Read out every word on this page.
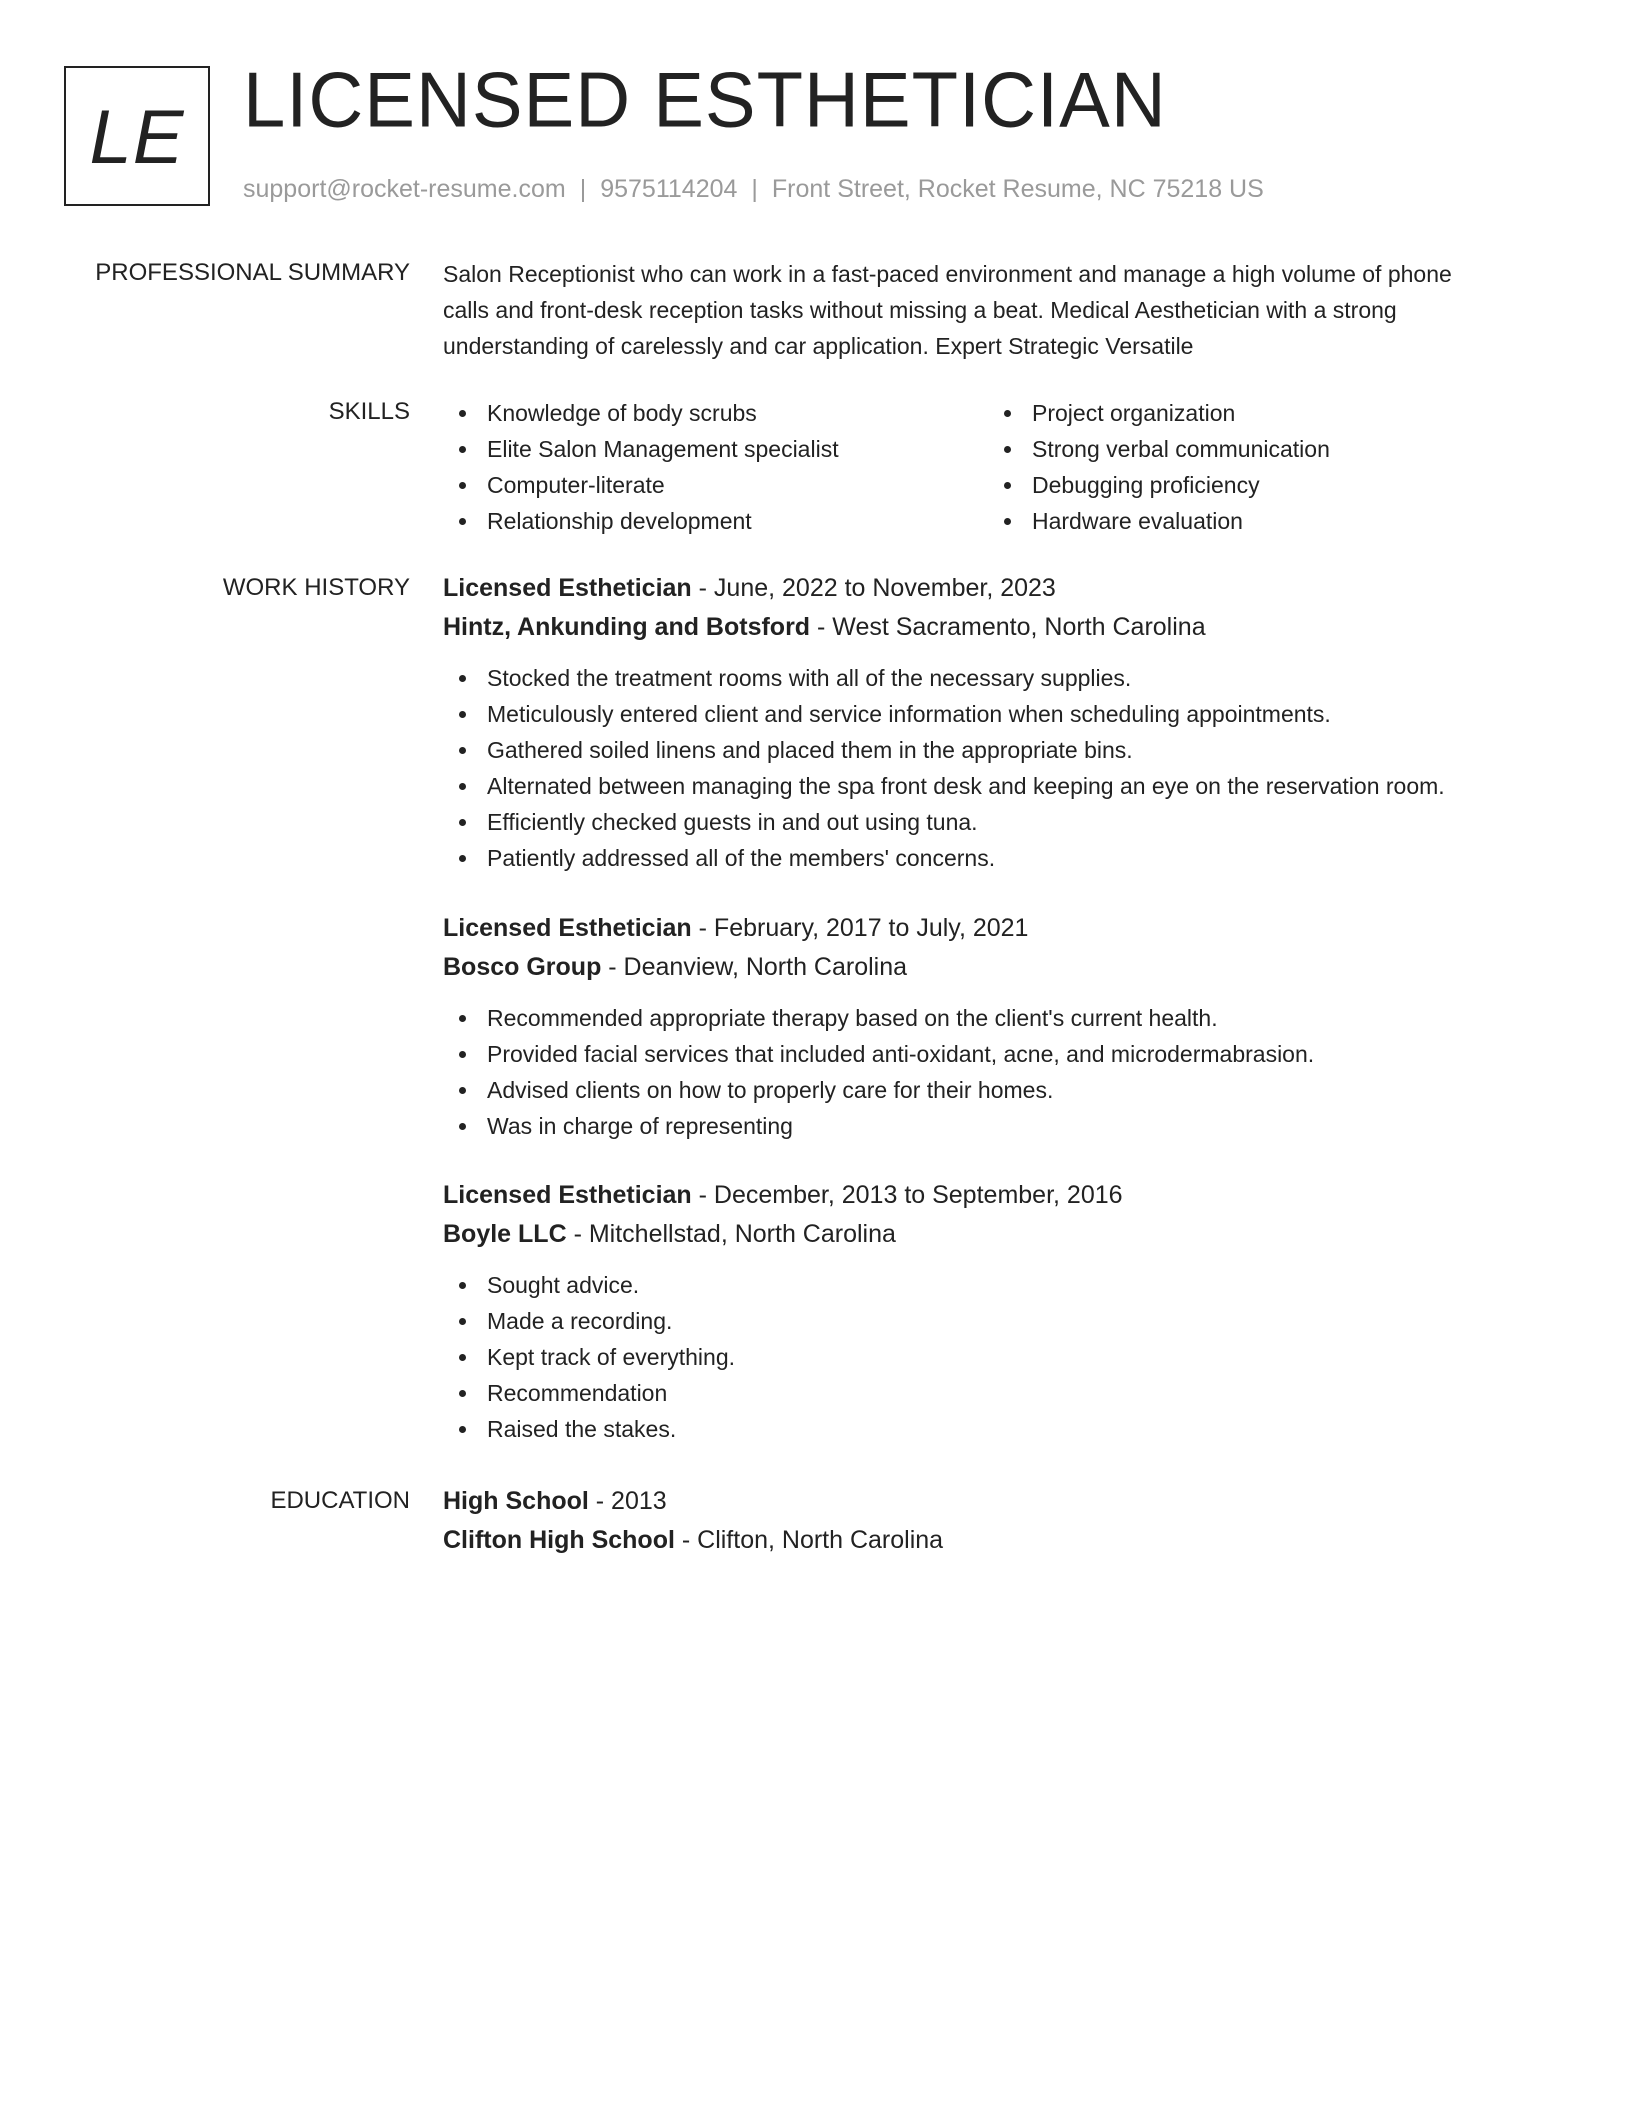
LE LICENSED ESTHETICIAN
support@rocket-resume.com | 9575114204 | Front Street, Rocket Resume, NC 75218 US
PROFESSIONAL SUMMARY Salon Receptionist who can work in a fast-paced environment and manage a high volume of phone
calls and front-desk reception tasks without missing a beat. Medical Aesthetician with a strong
understanding of carelessly and car application. Expert Strategic Versatile
SKILLS	Knowledge of body scrubs
Elite Salon Management specialist
Computer-literate
Relationship development
Project organization
Strong verbal communication
Debugging proficiency
Hardware evaluation
WORK HISTORY Licensed Esthetician - June, 2022 to November, 2023
Hintz, Ankunding and Botsford - West Sacramento, North Carolina
Stocked the treatment rooms with all of the necessary supplies.
Meticulously entered client and service information when scheduling appointments.
Gathered soiled linens and placed them in the appropriate bins.
Alternated between managing the spa front desk and keeping an eye on the reservation room.
Efficiently checked guests in and out using tuna.
Patiently addressed all of the members' concerns.
Licensed Esthetician - February, 2017 to July, 2021
Bosco Group - Deanview, North Carolina
Recommended appropriate therapy based on the client's current health.
Provided facial services that included anti-oxidant, acne, and microdermabrasion.
Advised clients on how to properly care for their homes.
Was in charge of representing
Licensed Esthetician - December, 2013 to September, 2016
Boyle LLC - Mitchellstad, North Carolina
Sought advice.
Made a recording.
Kept track of everything.
Recommendation
Raised the stakes.
EDUCATION High School - 2013
Clifton High School - Clifton, North Carolina
